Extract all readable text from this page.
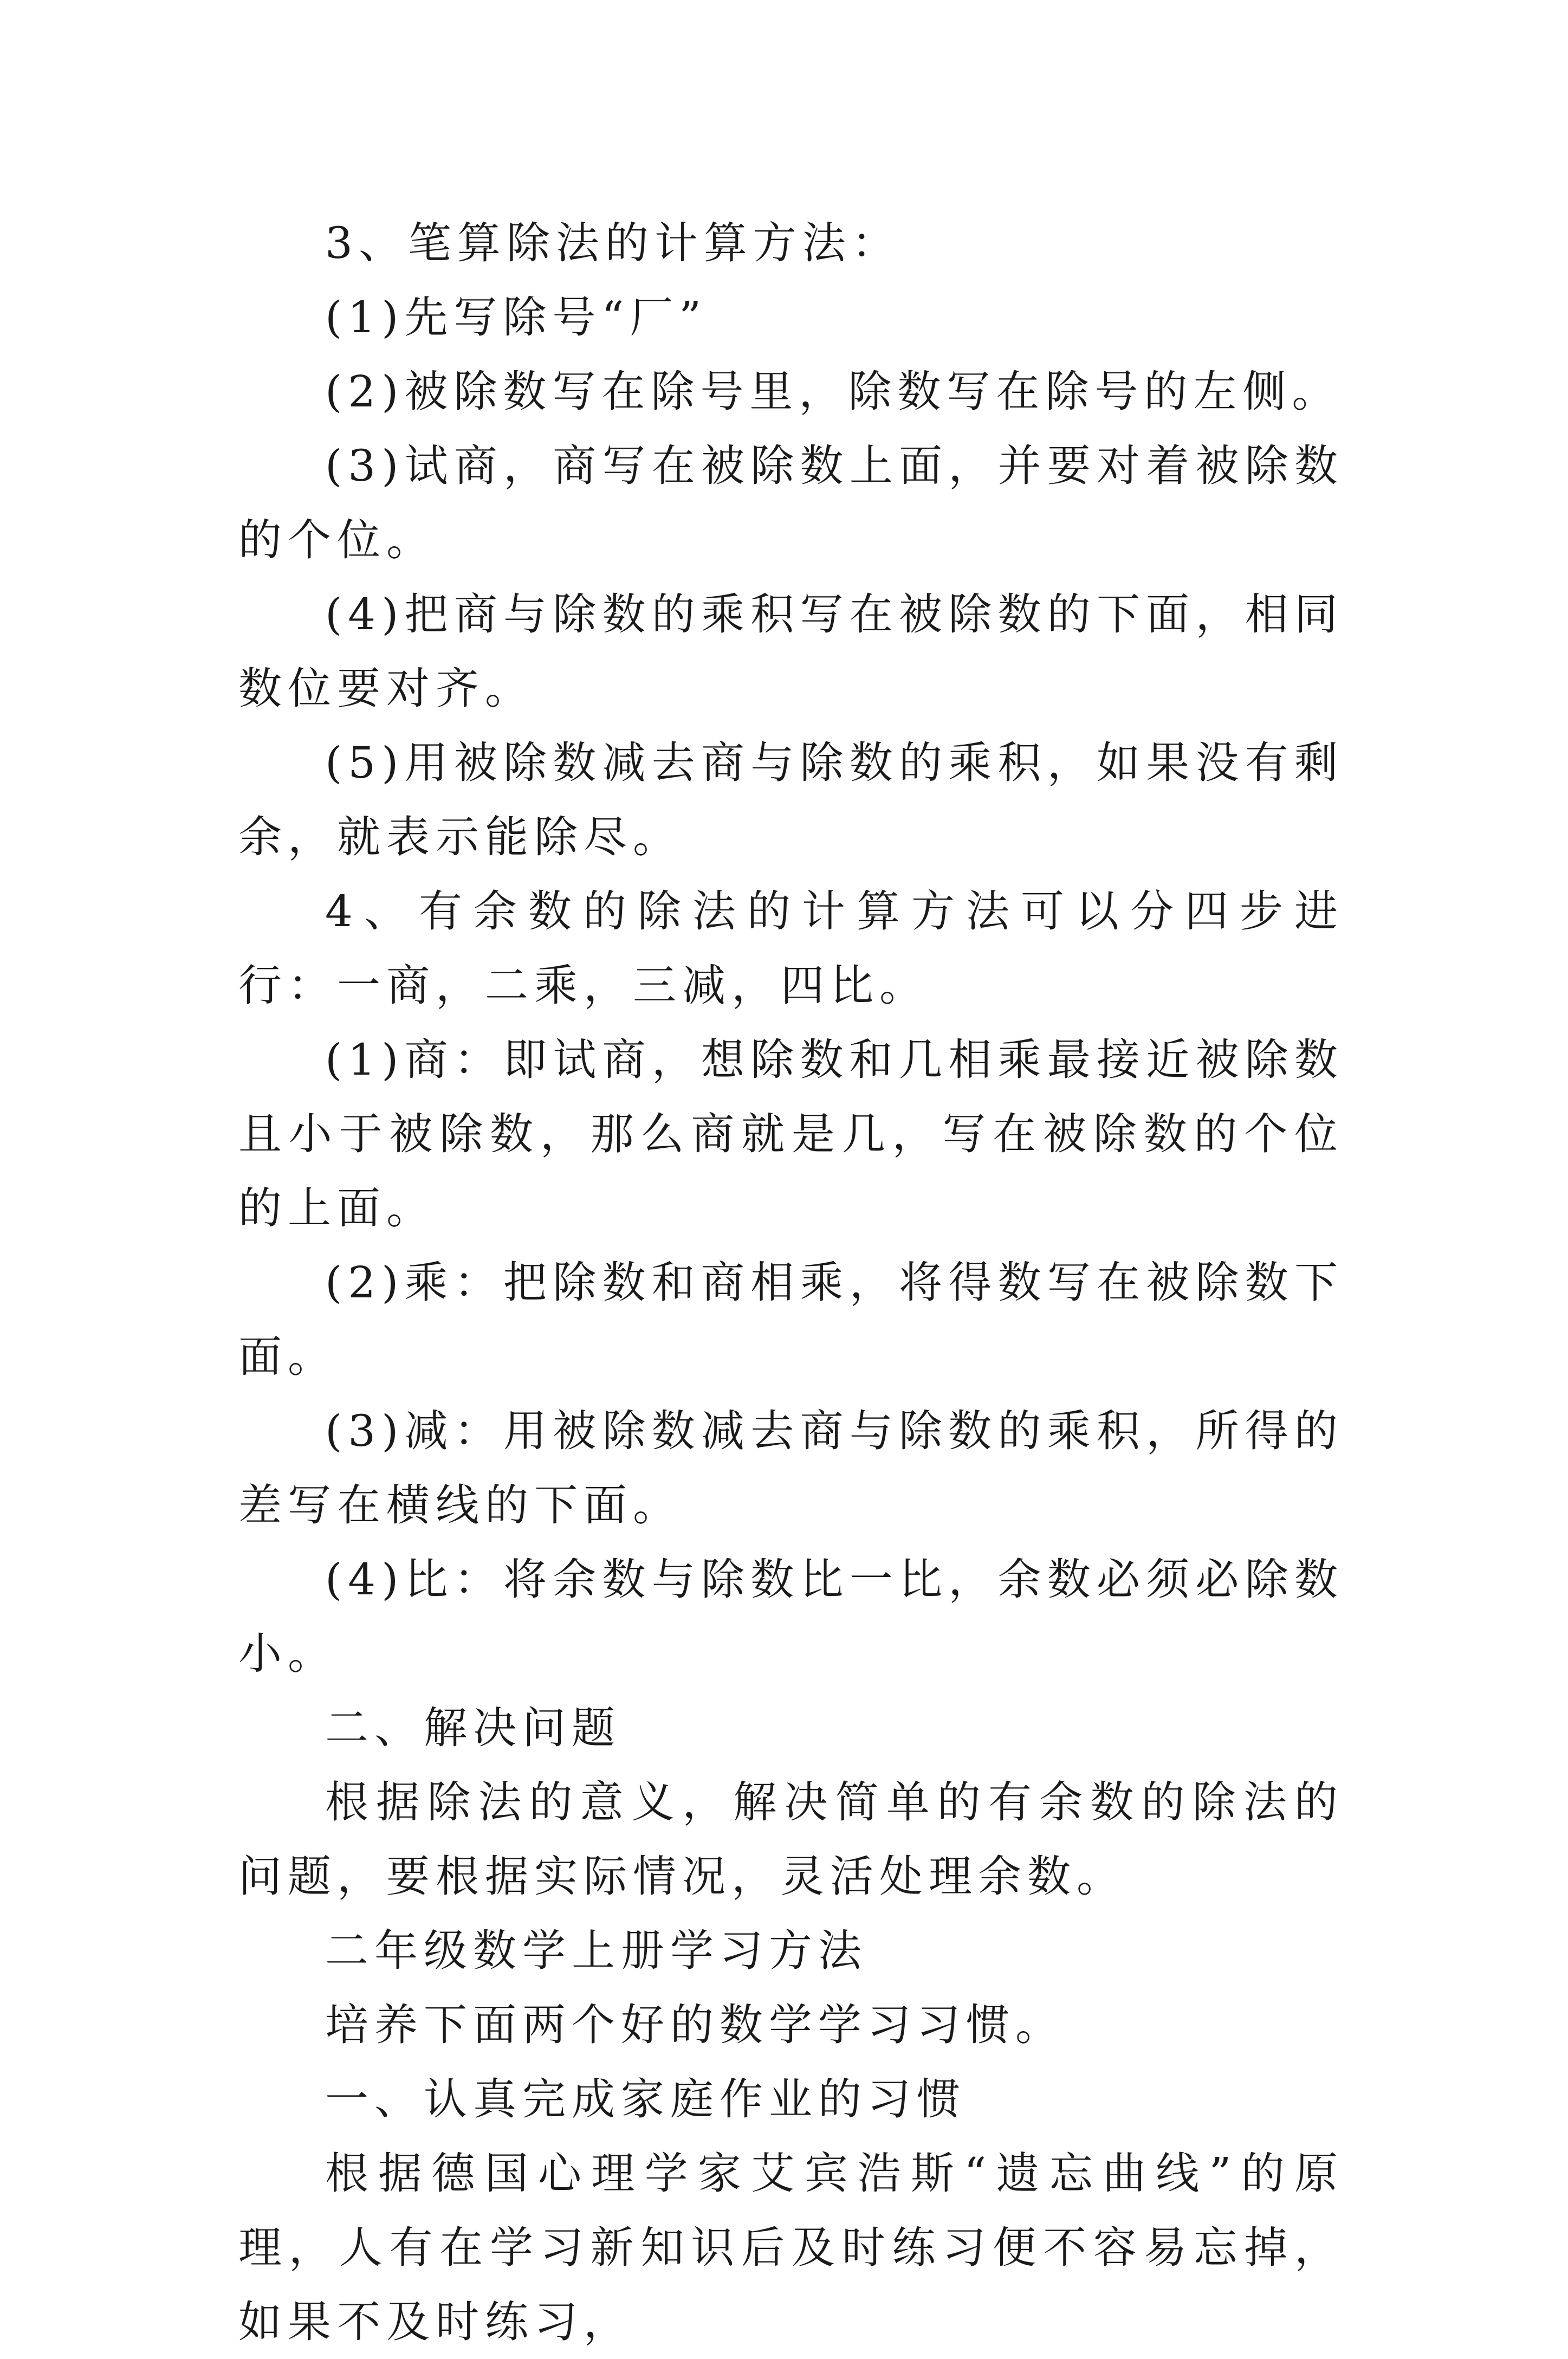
3、笔算除法的计算方法：

(1)先写除号“厂”

(2)被除数写在除号里，除数写在除号的左侧。

(3)试商，商写在被除数上面，并要对着被除数的个位。

(4)把商与除数的乘积写在被除数的下面，相同数位要对齐。

(5)用被除数减去商与除数的乘积，如果没有剩余，就表示能除尽。

4、有余数的除法的计算方法可以分四步进行：一商，二乘，三减，四比。

(1)商：即试商，想除数和几相乘最接近被除数且小于被除数，那么商就是几，写在被除数的个位的上面。

(2)乘：把除数和商相乘，将得数写在被除数下面。

(3)减：用被除数减去商与除数的乘积，所得的差写在横线的下面。

(4)比：将余数与除数比一比，余数必须必除数小。

二、解决问题

根据除法的意义，解决简单的有余数的除法的问题，要根据实际情况，灵活处理余数。

二年级数学上册学习方法

培养下面两个好的数学学习习惯。

一、认真完成家庭作业的习惯

根据德国心理学家艾宾浩斯“遗忘曲线”的原理，人有在学习新知识后及时练习便不容易忘掉，如果不及时练习，
